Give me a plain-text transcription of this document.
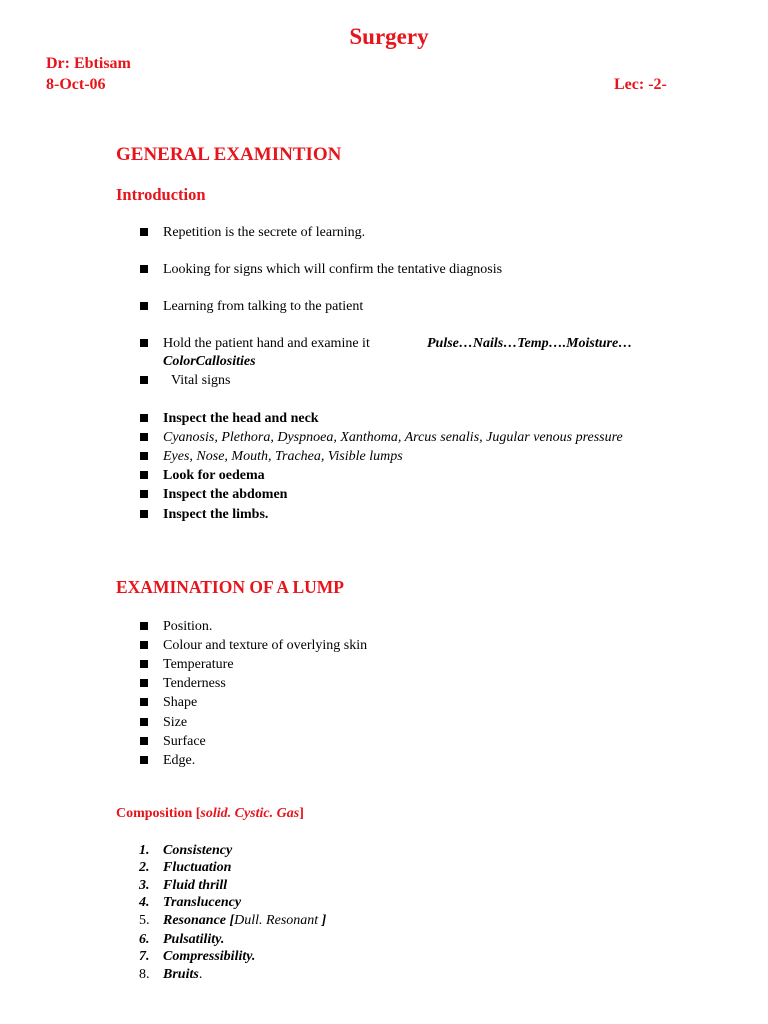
Surgery
Dr: Ebtisam
8-Oct-06	Lec: -2-
GENERAL EXAMINTION
Introduction
Repetition is the secrete of learning.
Looking for signs which will confirm the tentative diagnosis
Learning from talking to the patient
Hold the patient hand and examine it	Pulse…Nails…Temp….Moisture…
ColorCallosities
Vital signs
Inspect the head and neck
Cyanosis, Plethora, Dyspnoea, Xanthoma, Arcus senalis, Jugular venous pressure
Eyes, Nose, Mouth, Trachea, Visible lumps
Look for oedema
Inspect the abdomen
Inspect the limbs.
EXAMINATION OF A LUMP
Position.
Colour and texture of overlying skin
Temperature
Tenderness
Shape
Size
Surface
Edge.
Composition [solid. Cystic. Gas]
1. Consistency
2. Fluctuation
3. Fluid thrill
4. Translucency
5. Resonance [Dull. Resonant ]
6. Pulsatility.
7. Compressibility.
8. Bruits.
